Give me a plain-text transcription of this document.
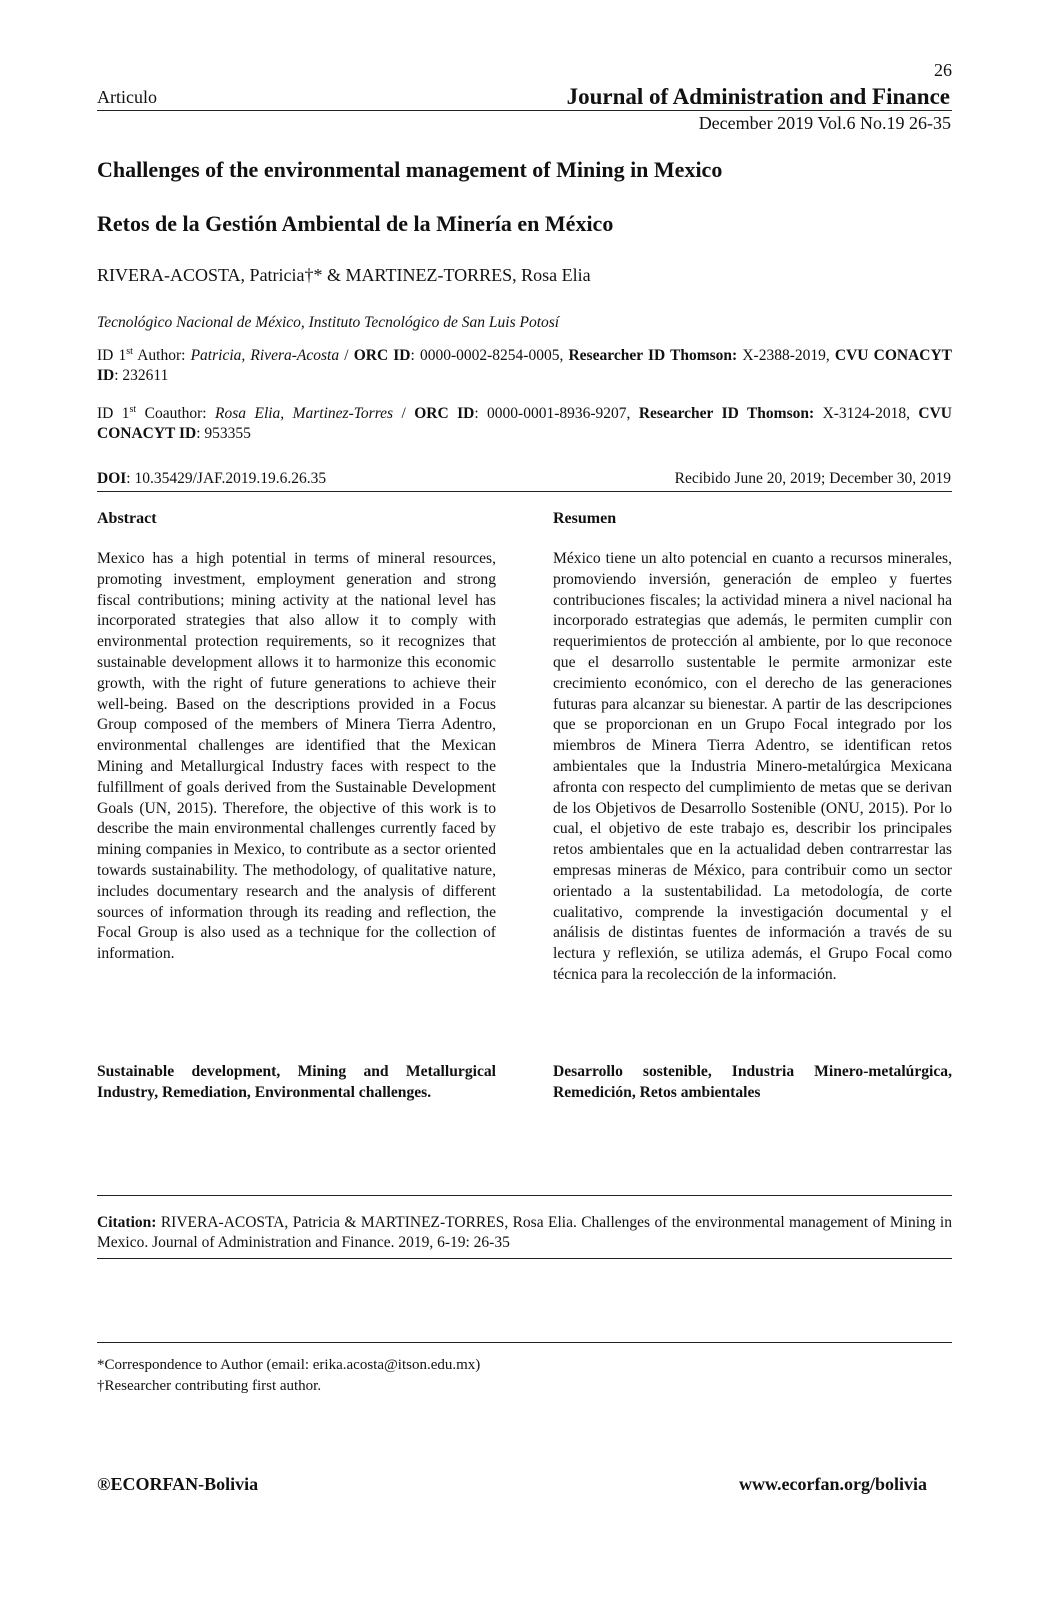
26
Articulo	Journal of Administration and Finance
December 2019 Vol.6 No.19 26-35
Challenges of the environmental management of Mining in Mexico
Retos de la Gestión Ambiental de la Minería en México
RIVERA-ACOSTA, Patricia†* & MARTINEZ-TORRES, Rosa Elia
Tecnológico Nacional de México, Instituto Tecnológico de San Luis Potosí
ID 1st Author: Patricia, Rivera-Acosta / ORC ID: 0000-0002-8254-0005, Researcher ID Thomson: X-2388-2019, CVU CONACYT ID: 232611
ID 1st Coauthor: Rosa Elia, Martinez-Torres / ORC ID: 0000-0001-8936-9207, Researcher ID Thomson: X-3124-2018, CVU CONACYT ID: 953355
DOI: 10.35429/JAF.2019.19.6.26.35	Recibido June 20, 2019; December 30, 2019
Abstract
Mexico has a high potential in terms of mineral resources, promoting investment, employment generation and strong fiscal contributions; mining activity at the national level has incorporated strategies that also allow it to comply with environmental protection requirements, so it recognizes that sustainable development allows it to harmonize this economic growth, with the right of future generations to achieve their well-being. Based on the descriptions provided in a Focus Group composed of the members of Minera Tierra Adentro, environmental challenges are identified that the Mexican Mining and Metallurgical Industry faces with respect to the fulfillment of goals derived from the Sustainable Development Goals (UN, 2015). Therefore, the objective of this work is to describe the main environmental challenges currently faced by mining companies in Mexico, to contribute as a sector oriented towards sustainability. The methodology, of qualitative nature, includes documentary research and the analysis of different sources of information through its reading and reflection, the Focal Group is also used as a technique for the collection of information.
Sustainable development, Mining and Metallurgical Industry, Remediation, Environmental challenges.
Resumen
México tiene un alto potencial en cuanto a recursos minerales, promoviendo inversión, generación de empleo y fuertes contribuciones fiscales; la actividad minera a nivel nacional ha incorporado estrategias que además, le permiten cumplir con requerimientos de protección al ambiente, por lo que reconoce que el desarrollo sustentable le permite armonizar este crecimiento económico, con el derecho de las generaciones futuras para alcanzar su bienestar. A partir de las descripciones que se proporcionan en un Grupo Focal integrado por los miembros de Minera Tierra Adentro, se identifican retos ambientales que la Industria Minero-metalúrgica Mexicana afronta con respecto del cumplimiento de metas que se derivan de los Objetivos de Desarrollo Sostenible (ONU, 2015). Por lo cual, el objetivo de este trabajo es, describir los principales retos ambientales que en la actualidad deben contrarrestar las empresas mineras de México, para contribuir como un sector orientado a la sustentabilidad. La metodología, de corte cualitativo, comprende la investigación documental y el análisis de distintas fuentes de información a través de su lectura y reflexión, se utiliza además, el Grupo Focal como técnica para la recolección de la información.
Desarrollo sostenible, Industria Minero-metalúrgica, Remedición, Retos ambientales
Citation: RIVERA-ACOSTA, Patricia & MARTINEZ-TORRES, Rosa Elia. Challenges of the environmental management of Mining in Mexico. Journal of Administration and Finance. 2019, 6-19: 26-35
*Correspondence to Author (email: erika.acosta@itson.edu.mx)
†Researcher contributing first author.
®ECORFAN-Bolivia	www.ecorfan.org/bolivia
